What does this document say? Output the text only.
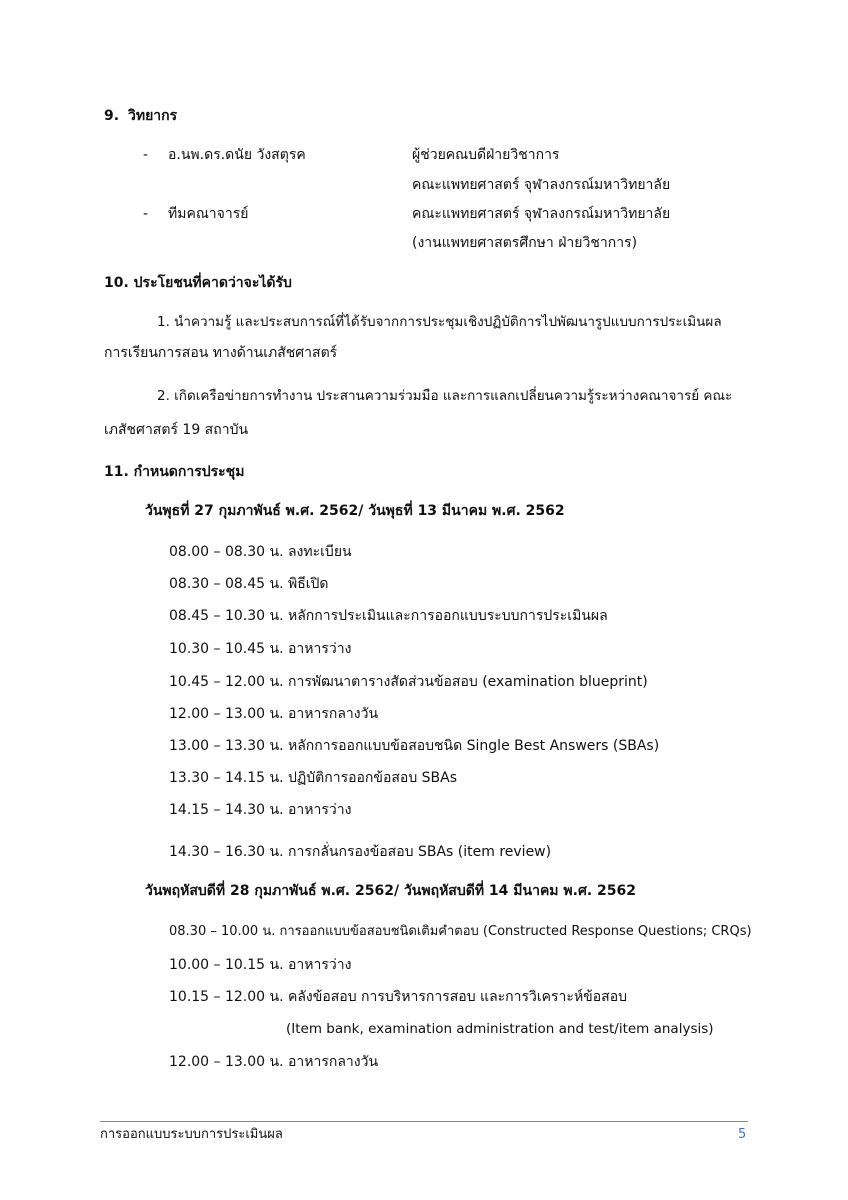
9. วิทยากร
- อ.นพ.ดร.ดนัย วังสตุรค	ผู้ช่วยคณบดีฝ่ายวิชาการ
คณะแพทยศาสตร์ จุฬาลงกรณ์มหาวิทยาลัย
- ทีมคณาจารย์	คณะแพทยศาสตร์ จุฬาลงกรณ์มหาวิทยาลัย
(งานแพทยศาสตรศึกษา ฝ่ายวิชาการ)
10. ประโยชนที่คาดว่าจะได้รับ
1. นำความรู้ และประสบการณ์ที่ได้รับจากการประชุมเชิงปฏิบัติการไปพัฒนารูปแบบการประเมินผล
การเรียนการสอน ทางด้านเภสัชศาสตร์
2. เกิดเครือข่ายการทำงาน ประสานความร่วมมือ และการแลกเปลี่ยนความรู้ระหว่างคณาจารย์ คณะ
เภสัชศาสตร์ 19 สถาบัน
11. กำหนดการประชุม
วันพุธที่ 27 กุมภาพันธ์ พ.ศ. 2562/ วันพุธที่ 13 มีนาคม พ.ศ. 2562
08.00 – 08.30 น. ลงทะเบียน
08.30 – 08.45 น. พิธีเปิด
08.45 – 10.30 น. หลักการประเมินและการออกแบบระบบการประเมินผล
10.30 – 10.45 น. อาหารว่าง
10.45 – 12.00 น. การพัฒนาตารางสัดส่วนข้อสอบ (examination blueprint)
12.00 – 13.00 น. อาหารกลางวัน
13.00 – 13.30 น. หลักการออกแบบข้อสอบชนิด Single Best Answers (SBAs)
13.30 – 14.15 น. ปฏิบัติการออกข้อสอบ SBAs
14.15 – 14.30 น. อาหารว่าง
14.30 – 16.30 น. การกลั่นกรองข้อสอบ SBAs (item review)
วันพฤหัสบดีที่ 28 กุมภาพันธ์ พ.ศ. 2562/ วันพฤหัสบดีที่ 14 มีนาคม พ.ศ. 2562
08.30 – 10.00 น. การออกแบบข้อสอบชนิดเติมคำตอบ (Constructed Response Questions; CRQs)
10.00 – 10.15 น. อาหารว่าง
10.15 – 12.00 น. คลังข้อสอบ การบริหารการสอบ และการวิเคราะห์ข้อสอบ
(Item bank, examination administration and test/item analysis)
12.00 – 13.00 น. อาหารกลางวัน
การออกแบบระบบการประเมินผล	5
